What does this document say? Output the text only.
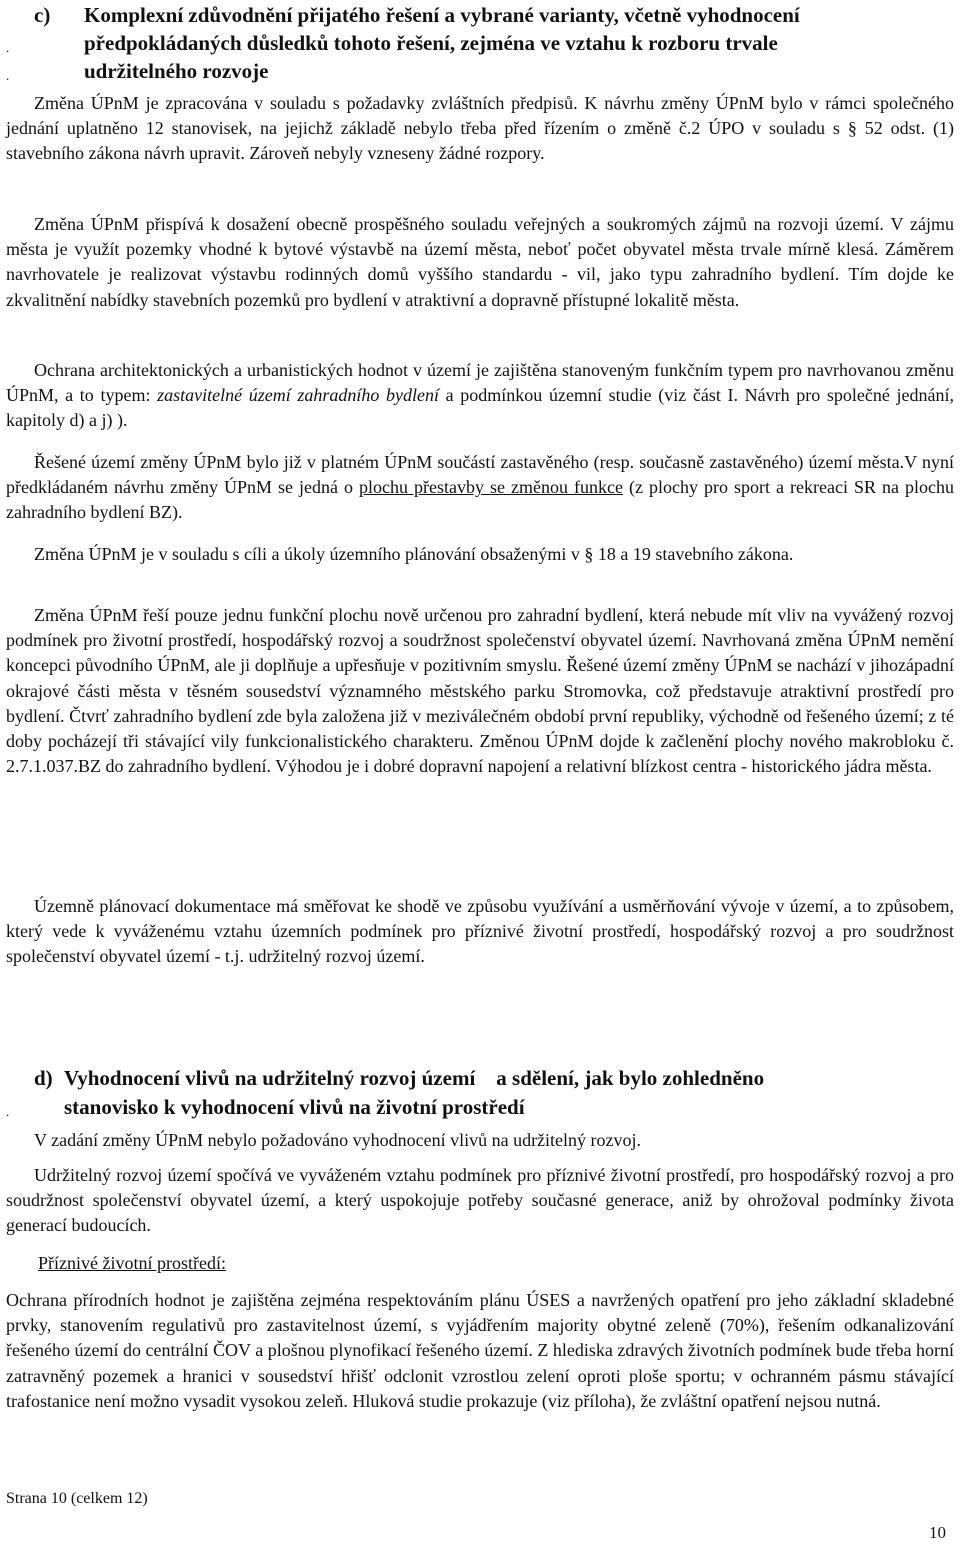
c) Komplexní zdůvodnění přijatého řešení a vybrané varianty, včetně vyhodnocení
.	předpokládaných důsledků tohoto řešení, zejména ve vztahu k rozboru trvale
.	udržitelného rozvoje

Změna ÚPnM je zpracována v souladu s požadavky zvláštních předpisů. K návrhu změny ÚPnM bylo v rámci společného jednání uplatněno 12 stanovisek, na jejichž základě nebylo třeba před řízením o změně č.2 ÚPO v souladu s § 52 odst. (1) stavebního zákona návrh upravit. Zároveň nebyly vzneseny žádné rozpory.

Změna ÚPnM přispívá k dosažení obecně prospěšného souladu veřejných a soukromých zájmů na rozvoji území. V zájmu města je využít pozemky vhodné k bytové výstavbě na území města, neboť počet obyvatel města trvale mírně klesá. Záměrem navrhovatele je realizovat výstavbu rodinných domů vyššího standardu - vil, jako typu zahradního bydlení. Tím dojde ke zkvalitnění nabídky stavebních pozemků pro bydlení v atraktivní a dopravně přístupné lokalitě města.

Ochrana architektonických a urbanistických hodnot v území je zajištěna stanoveným funkčním typem pro navrhovanou změnu ÚPnM, a to typem: zastavitelné území zahradního bydlení a podmínkou územní studie (viz část I. Návrh pro společné jednání, kapitoly d) a j) ).

Řešené území změny ÚPnM bylo již v platném ÚPnM součástí zastavěného (resp. současně zastavěného) území města.V nyní předkládaném návrhu změny ÚPnM se jedná o plochu přestavby se změnou funkce (z plochy pro sport a rekreaci SR na plochu zahradního bydlení BZ).

Změna ÚPnM je v souladu s cíli a úkoly územního plánování obsaženými v § 18 a 19 stavebního zákona.

Změna ÚPnM řeší pouze jednu funkční plochu nově určenou pro zahradní bydlení, která nebude mít vliv na vyvážený rozvoj podmínek pro životní prostředí, hospodářský rozvoj a soudržnost společenství obyvatel území. Navrhovaná změna ÚPnM nemění koncepci původního ÚPnM, ale ji doplňuje a upřesňuje v pozitivním smyslu. Řešené území změny ÚPnM se nachází v jihozápadní okrajové části města v těsném sousedství významného městského parku Stromovka, což představuje atraktivní prostředí pro bydlení. Čtvrť zahradního bydlení zde byla založena již v meziválečném období první republiky, východně od řešeného území; z té doby pocházejí tři stávající vily funkcionalistického charakteru. Změnou ÚPnM dojde k začlenění plochy nového makrobloku č. 2.7.1.037.BZ do zahradního bydlení. Výhodou je i dobré dopravní napojení a relativní blízkost centra - historického jádra města.

Územně plánovací dokumentace má směřovat ke shodě ve způsobu využívání a usměrňování vývoje v území, a to způsobem, který vede k vyváženému vztahu územních podmínek pro příznivé životní prostředí, hospodářský rozvoj a pro soudržnost společenství obyvatel území - t.j. udržitelný rozvoj území.

d) Vyhodnocení vlivů na udržitelný rozvoj území    a sdělení, jak bylo zohledněno
.	stanovisko k vyhodnocení vlivů na životní prostředí

V zadání změny ÚPnM nebylo požadováno vyhodnocení vlivů na udržitelný rozvoj.

Udržitelný rozvoj území spočívá ve vyváženém vztahu podmínek pro příznivé životní prostředí, pro hospodářský rozvoj a pro soudržnost společenství obyvatel území, a který uspokojuje potřeby současné generace, aniž by ohrožoval podmínky života generací budoucích.

Příznivé životní prostředí:

Ochrana přírodních hodnot je zajištěna zejména respektováním plánu ÚSES a navržených opatření pro jeho základní skladebné prvky, stanovením regulativů pro zastavitelnost území, s vyjádřením majority obytné zeleně (70%), řešením odkanalizování řešeného území do centrální ČOV a plošnou plynofikací řešeného území. Z hlediska zdravých životních podmínek bude třeba horní zatravněný pozemek a hranici v sousedství hřišť odclonit vzrostlou zelení oproti ploše sportu; v ochranném pásmu stávající trafostanice není možno vysadit vysokou zeleň. Hluková studie prokazuje (viz příloha), že zvláštní opatření nejsou nutná.

Strana 10 (celkem 12)
10
